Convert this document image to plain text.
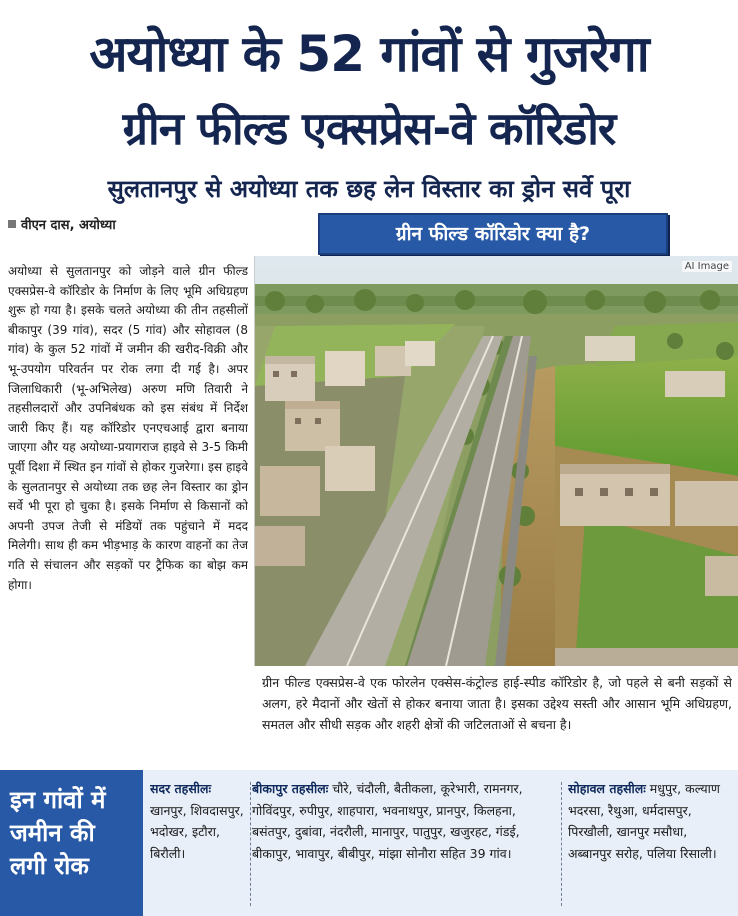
अयोध्या के 52 गांवों से गुजरेगा
ग्रीन फील्ड एक्सप्रेस-वे कॉरिडोर
सुलतानपुर से अयोध्या तक छह लेन विस्तार का ड्रोन सर्वे पूरा
वीएन दास, अयोध्या	ग्रीन फील्ड कॉरिडोर क्या है?
अयोध्या से सुलतानपुर को जोड़ने वाले ग्रीन फील्ड एक्सप्रेस-वे कॉरिडोर के निर्माण के लिए भूमि अधिग्रहण शुरू हो गया है। इसके चलते अयोध्या की तीन तहसीलों बीकापुर (39 गांव), सदर (5 गांव) और सोहावल (8 गांव) के कुल 52 गांवों में जमीन की खरीद-विक्री और भू-उपयोग परिवर्तन पर रोक लगा दी गई है। अपर जिलाधिकारी (भू-अभिलेख) अरुण मणि तिवारी ने तहसीलदारों और उपनिबंधक को इस संबंध में निर्देश जारी किए हैं। यह कॉरिडोर एनएचआई द्वारा बनाया जाएगा और यह अयोध्या-प्रयागराज हाइवे से 3-5 किमी पूर्वी दिशा में स्थित इन गांवों से होकर गुजरेगा। इस हाइवे के सुलतानपुर से अयोध्या तक छह लेन विस्तार का ड्रोन सर्वे भी पूरा हो चुका है। इसके निर्माण से किसानों को अपनी उपज तेजी से मंडियों तक पहुंचाने में मदद मिलेगी। साथ ही कम भीड़भाड़ के कारण वाहनों का तेज गति से संचालन और सड़कों पर ट्रैफिक का बोझ कम होगा।
AI Image
ग्रीन फील्ड एक्सप्रेस-वे एक फोरलेन एक्सेस-कंट्रोल्ड हाई-स्पीड कॉरिडोर है, जो पहले से बनी सड़कों से अलग, हरे मैदानों और खेतों से होकर बनाया जाता है। इसका उद्देश्य सस्ती और आसान भूमि अधिग्रहण, समतल और सीधी सड़क और शहरी क्षेत्रों की जटिलताओं से बचना है।
इन गांवों में
जमीन की
लगी रोक
सदर तहसीलः खानपुर, शिवदासपुर, भदोखर, इटौरा, बिरौली।
बीकापुर तहसीलः चौरे, चंदौली, बैतीकला, कूरेभारी, रामनगर, गोविंदपुर, रुपीपुर, शाहपारा, भवनाथपुर, प्रानपुर, किलहना, बसंतपुर, दुबांवा, नंदरौली, मानापुर, पातुपुर, खजुरहट, गंडई, बीकापुर, भावापुर, बीबीपुर, मांझा सोनौरा सहित 39 गांव।
सोहावल तहसीलः मधुपुर, कल्याण भदरसा, रैथुआ, धर्मदासपुर, पिरखौली, खानपुर मसौधा, अब्बानपुर सरोह, पलिया रिसाली।
